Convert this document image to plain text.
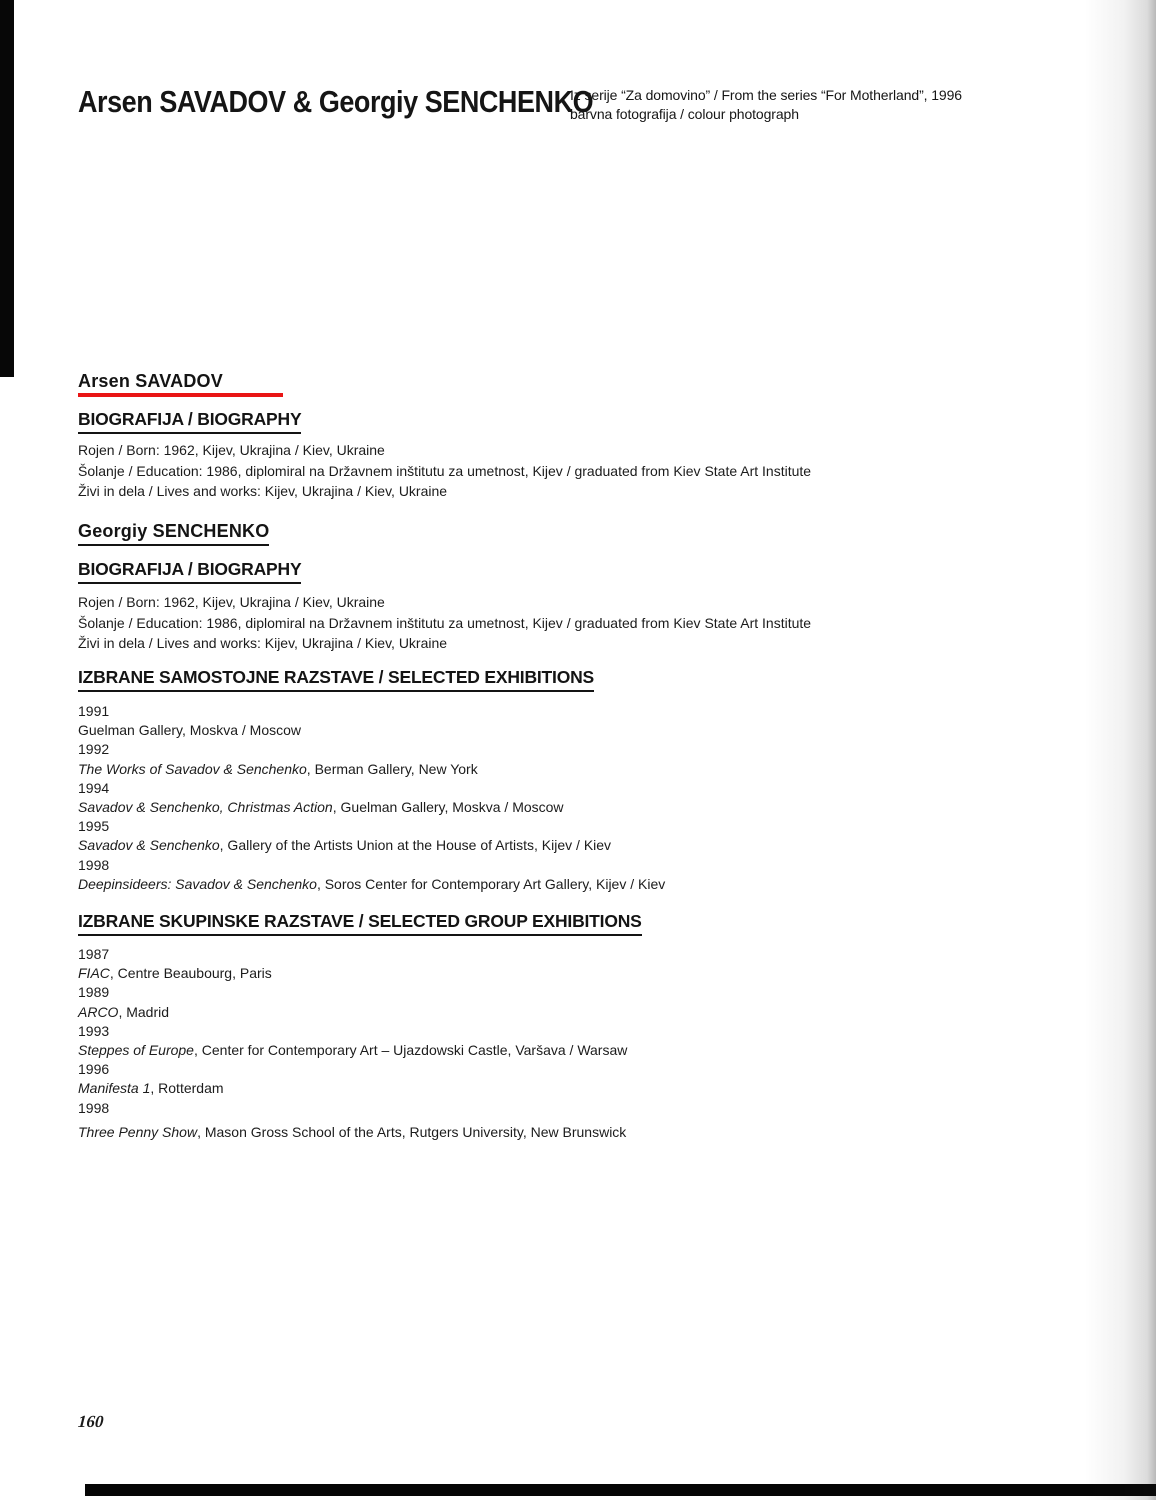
Arsen SAVADOV & Georgiy SENCHENKO
Iz serije “Za domovino” / From the series “For Motherland”, 1996
barvna fotografija / colour photograph
Arsen SAVADOV
BIOGRAFIJA / BIOGRAPHY
Rojen / Born: 1962, Kijev, Ukrajina / Kiev, Ukraine
Šolanje / Education: 1986, diplomiral na Državnem inštitutu za umetnost, Kijev / graduated from Kiev State Art Institute
Živi in dela / Lives and works: Kijev, Ukrajina / Kiev, Ukraine
Georgiy SENCHENKO
BIOGRAFIJA / BIOGRAPHY
Rojen / Born: 1962, Kijev, Ukrajina / Kiev, Ukraine
Šolanje / Education: 1986, diplomiral na Državnem inštitutu za umetnost, Kijev / graduated from Kiev State Art Institute
Živi in dela / Lives and works: Kijev, Ukrajina / Kiev, Ukraine
IZBRANE SAMOSTOJNE RAZSTAVE / SELECTED EXHIBITIONS
1991
Guelman Gallery, Moskva / Moscow
1992
The Works of Savadov & Senchenko, Berman Gallery, New York
1994
Savadov & Senchenko, Christmas Action, Guelman Gallery, Moskva / Moscow
1995
Savadov & Senchenko, Gallery of the Artists Union at the House of Artists, Kijev / Kiev
1998
Deepinsideers: Savadov & Senchenko, Soros Center for Contemporary Art Gallery, Kijev / Kiev
IZBRANE SKUPINSKE RAZSTAVE / SELECTED GROUP EXHIBITIONS
1987
FIAC, Centre Beaubourg, Paris
1989
ARCO, Madrid
1993
Steppes of Europe, Center for Contemporary Art – Ujazdowski Castle, Varšava / Warsaw
1996
Manifesta 1, Rotterdam
1998
Three Penny Show, Mason Gross School of the Arts, Rutgers University, New Brunswick
160
